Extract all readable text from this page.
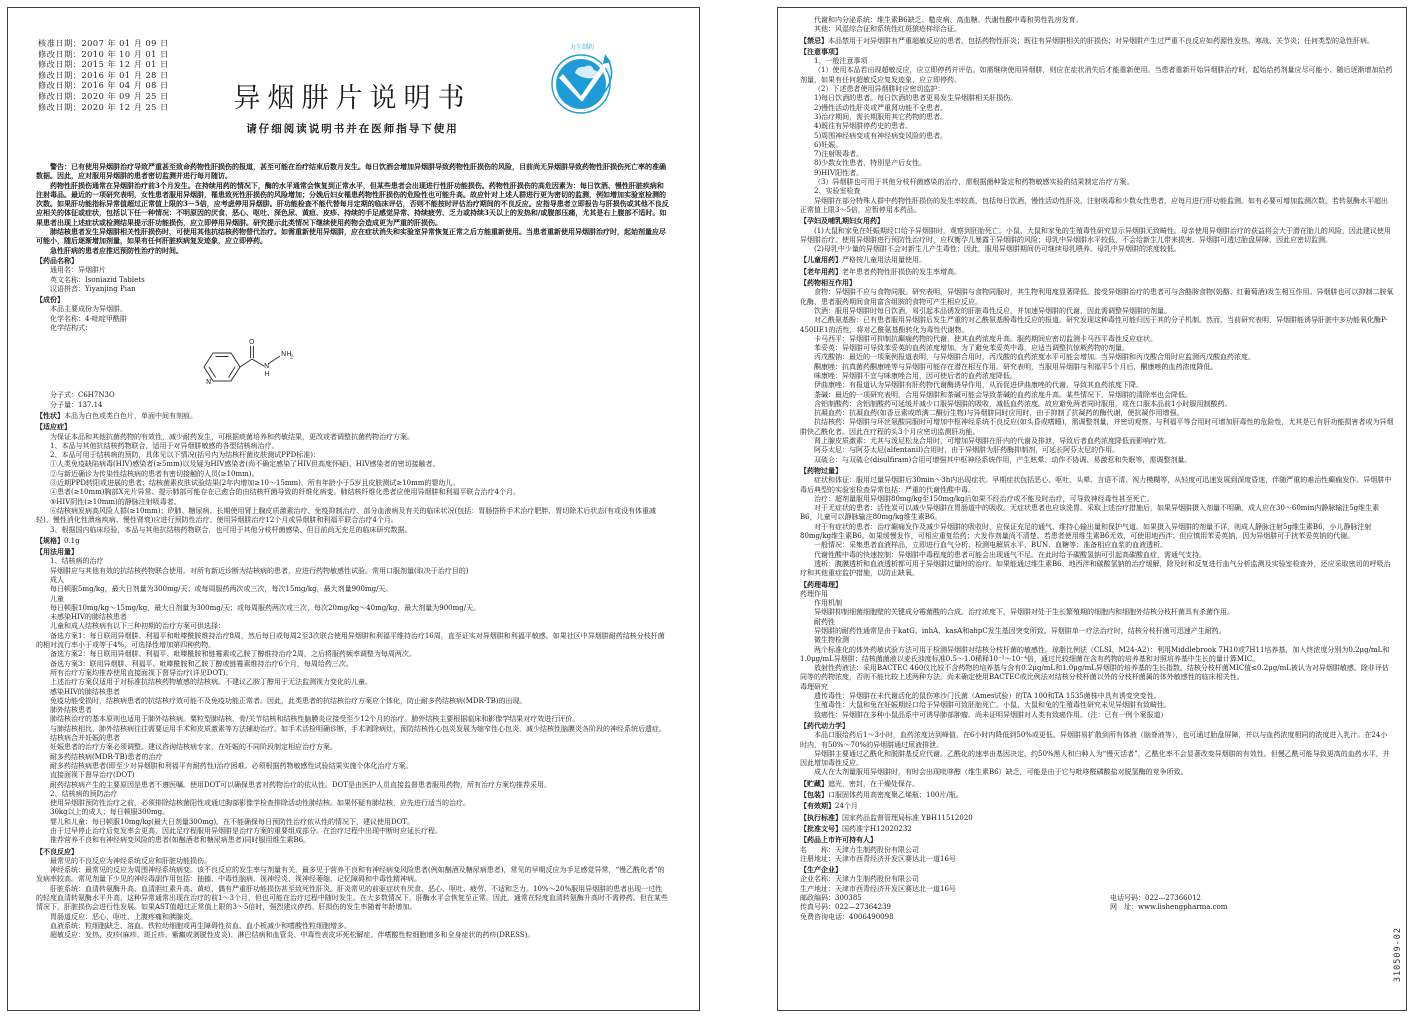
核准日期：2007 年 01 月 09 日
修改日期：2010 年 10 月 01 日
修改日期：2015 年 12 月 01 日
修改日期：2016 年 01 月 28 日
修改日期：2016 年 04 月 08 日
修改日期：2020 年 09 月 25 日
修改日期：2020 年 12 月 25 日
力生制药
异烟肼片说明书
请仔细阅读说明书并在医师指导下使用
警告：已有使用异烟肼治疗导致严重甚至致命药物性肝损伤的报道，甚至可能在治疗结束后数月发生。每日饮酒会增加异烟肼导致药物性肝损伤的风险，目前尚无异烟肼导致药物性肝损伤死亡率的准确数据。因此，应对服用异烟肼的患者密切监测并进行每月随访。
药物性肝损伤通常在异烟肼治疗前3个月发生。在持续用药的情况下，酶的水平通常会恢复到正常水平，但某些患者会出现进行性肝功能损伤。药物性肝损伤的高危因素为：每日饮酒、慢性肝脏疾病和注射毒品。最近的一项研究表明，女性患者服用异烟肼，罹患致死性肝损伤的风险增加；分娩后妇女罹患药物性肝损伤的危险性也可能升高。故应针对上述人群进行更为密切的监测，例如增加实验室检测的次数。如果肝功能指标异常值超过正常值上限的3－5倍，应考虑停用异烟肼。肝功能检查不能代替每月定期的临床评估，否则不能按时评估治疗期间的不良反应。应指导患者立即报告与肝损伤或其他不良反应相关的体征或症状，包括以下任一种情况：不明原因的厌食、恶心、呕吐、深色尿、黄疸、皮疹、持续的手足感觉异常、持续疲劳、乏力或持续3天以上的发热和/或腹部压痛，尤其是右上腹部不适时。如果患者出现上述症状或检测结果提示肝功能损伤，应立即停用异烟肼。研究提示此类情况下继续使用药物会造成更为严重的肝损伤。
肺结核患者发生异烟肼相关性肝损伤时，可使用其他抗结核药物替代治疗。如需重新使用异烟肼，应在症状消失和实验室异常恢复正常之后方能重新使用。当患者重新使用异烟肼治疗时，起始剂量应尽可能小，随后逐渐增加剂量，如果有任何肝脏疾病复发迹象，应立即停药。
急性肝病的患者应推迟预防性治疗的时间。
【药品名称】
通用名：异烟肼片
英文名称：Isoniazid Tablets
汉语拼音：Yiyanjing Pian
【成份】
本品主要成份为异烟肼。
化学名称：4-吡啶甲酰肼
化学结构式：
N
O
N
H
NH
2
分子式：C6H7N3O
分子量：137.14
【性状】本品为白色或类白色片，单面中间有刻痕。
【适应症】
为保证本品和其他抗菌药物的有效性，减少耐药发生，可根据痰菌培养和药敏结果，更改或者调整抗菌药物治疗方案。
1、本品与其他抗结核药物联合，适用于对异烟肼敏感的各型结核病治疗。
2、本品可用于结核病的预防，具体见以下情况(括号内为结核杆菌皮肤测试PPD标准)：
①人类免疫缺陷病毒(HIV)感染者(≥5mm)以及疑为HIV感染者(尚不确定感染了HIV但高度怀疑)、HIV感染者的密切接触者。
②与新近确诊为传染性结核病的患者有密切接触的人员(≥10mm)。
③近期PPD转阳或进展的患者；结核菌素皮肤试验结果(2年内增加≥10～15mm)，所有年龄小于5岁且皮肤测试≥10mm的婴幼儿。
④患者(≥10mm)胸部X光片异常、提示肺部可能存在已愈合的由结核杆菌导致的纤维化病变。肺结核纤维化患者应使用异烟肼和利福平联合治疗4个月。
⑤HIV阴性(≥10mm)的静脉注射吸毒者。
⑥结核病发病高风险人群(≥10mm)；矽肺、糖尿病、长期使用肾上腺皮质激素治疗、免疫抑制治疗、部分血液病及有关的临床状况(包括：胃肠搭桥手术治疗肥胖、胃切除术后状态(有或没有体重减轻)、慢性消化性溃疡疾病、慢性肾衰)应进行预防性治疗、使用异烟肼治疗12个月或异烟肼和利福平联合治疗4个月。
3、根据国内临床经验，本品与其他抗结核药物联合，也可用于其他分枝杆菌感染、但目前尚无充足的临床研究数据。
【规格】0.1g
【用法用量】
1、结核病的治疗
异烟肼应与其他有效的抗结核药物联合使用。对所有新近诊断为结核病的患者，应进行药物敏感性试验。常用口服剂量(取决于治疗目的)
成人
每日顿服5mg/kg，最大日剂量为300mg/天；或每周服药两次或三次，每次15mg/kg，最大剂量900mg/天。
儿童
每日顿服10mg/kg～15mg/kg，最大日剂量为300mg/天；或每周服药两次或三次，每次20mg/kg～40mg/kg，最大剂量为900mg/天。
未感染HIV的肺结核患者
儿童和成人结核病有以下三种初期的治疗方案可供选择：
备选方案1：每日联用异烟肼、利福平和吡嗪酰胺维持治疗8周，然后每日或每周2至3次联合使用异烟肼和利福平维持治疗16周，直至证实对异烟肼和利福平敏感。如果社区中异烟肼耐药结核分枝杆菌的相对流行率小于或等于4%，可选择性增加第四种药物。
备选方案2：每日联用异烟肼、利福平、吡嗪酰胺和链霉素或乙胺丁醇维持治疗2周，之后将服药频率调整为每周两次。
备选方案3：联用异烟肼、利福平、吡嗪酰胺和乙胺丁醇或链霉素维持治疗6个月，每周给药三次。
所有治疗方案均推荐使用直接面视下督导治疗(详见DOT)。
上述治疗方案仅适用于对标准抗结核药物敏感的结核病。不建议乙胺丁醇用于无法监测视力变化的儿童。
感染HIV的肺结核患者
免疫功能受损时，结核病患者的抗结核疗效可能不及免疫功能正常者。因此，此类患者的抗结核治疗方案应个体化，防止耐多药结核病(MDR-TB)的出现。
肺外结核患者
肺结核治疗的基本原则也适用于肺外结核病。粟粒型肺结核、骨/关节结核和结核性脑膜炎应接受至少12个月的治疗。肺外结核主要根据临床和影像学结果对疗效进行评价。
与肺结核相比，肺外结核病往往需要运用手术和皮质激素等方法辅助治疗。如手术活检明确诊断、手术剥除病灶、预防结核性心包炎发展为缩窄性心包炎，减少结核性脑膜炎各阶段的神经系统后遗症。
结核病合并妊娠的患者
妊娠患者的治疗方案必须调整。建议咨询结核病专家，在妊娠的不同阶段制定相应治疗方案。
耐多药结核病(MDR-TB)患者的治疗
耐多药结核病患者(即至少对异烟肼和利福平有耐药性)治疗困难。必须根据药物敏感性试验结果实施个体化治疗方案。
直接面视下督导治疗(DOT)
耐药结核病产生的主要原因是患者不遵医嘱。使用DOT可以确保患者对药物治疗的依从性。DOT是由医护人员直接监督患者服用药物，所有治疗方案均推荐采用。
2、结核病的预防治疗
使用异烟肼预防性治疗之前，必须排除结核菌阳性或通过胸部影像学检查排除活动性肺结核。如果怀疑有肺结核，应先进行适当的治疗。
30kg以上的成人；每日顿服300mg。
婴儿和儿童：每日顿服10mg/kg(最大日剂量300mg)。在不能确保每日预防性治疗依从性的情况下，建议使用DOT。
由于过早停止治疗后复发率会更高，因此足疗程服用异烟肼是治疗方案的重要组成部分。在治疗过程中出现中断时应延长疗程。
推荐营养不良和有神经病变风险的患者(如酗酒者和糖尿病患者)同时服用维生素B6。
【不良反应】
最常见的不良反应为神经系统反应和肝脏功能损伤。
神经系统：最常见的反应为周围神经系统病变。该不良反应的发生率与剂量有关，最多见于营养不良和有神经病变风险患者(例如酗酒及糖尿病患者)，常见的早期反应为手足感觉异常，“慢乙酰化者”的发病率较高。常见剂量下少见的神经毒副作用包括：抽搐、中毒性脑病、视神经炎、视神经萎缩、记忆障碍和中毒性精神病。
肝脏系统：血清转氨酶升高、血清胆红素升高、黄疸、偶有严重肝功能损伤甚至致死性肝炎。肝炎常见的前驱症状有厌食、恶心、呕吐、疲劳、不适和乏力。10%～20%服用异烟肼的患者出现一过性的轻度血清转氨酶水平升高，这种异常通常出现在治疗的前1～3个月，但也可能在治疗过程中随时发生。在大多数情况下，肝酶水平会恢复至正常。因此，通常在轻度血清转氨酶升高时不需停药。但在某些情况下，肝脏损伤会进行性发展。如果AST值超过正常值上限的3～5倍时，强烈建议停药。肝损伤的发生率随着年龄增加。
胃肠道反应：恶心、呕吐、上腹疼痛和胰腺炎。
血液系统：粒细胞缺乏、溶血、铁粒幼细胞或再生障碍性贫血、血小板减少和嗜酸性粒细胞增多。
超敏反应：发热、皮疹(麻疹、斑丘疹、紫癜或剥脱性皮炎)、淋巴结病和血管炎、中毒性表皮坏死松解症、伴嗜酸性粒细胞增多和全身症状的药疹(DRESS)。
代谢和内分泌系统：维生素B6缺乏、糙皮病、高血糖、代谢性酸中毒和男性乳房发育。
其他：风湿综合征和系统性红斑狼疮样综合征。
【禁忌】本品禁用于对异烟肼有严重超敏反应的患者，包括药物性肝炎；既往有异烟肼相关的肝损伤；对异烟肼产生过严重不良反应如药源性发热、寒战、关节炎；任何类型的急性肝病。
【注意事项】
1、一般注意事项
（1）使用本品若出现超敏反应，应立即停药并评估。如需继续使用异烟肼，则应在症状消失后才能重新使用。当患者重新开始异烟肼治疗时，起始给药剂量应尽可能小、随后逐渐增加给药剂量，如果有任何超敏反应复发迹象，应立即停药。
（2）下述患者使用异烟肼时应密切监护：
1)每日饮酒的患者。每日饮酒的患者更易发生异烟肼相关肝损伤。
2)慢性活动性肝炎或严重肾功能不全患者。
3)治疗期间，需长期服用其它药物的患者。
4)既往有异烟肼停药史的患者。
5)周围神经病变或有神经病变风险的患者。
6)妊娠。
7)注射吸毒者。
8)少数女性患者，特别是产后女性。
9)HIV阳性者。
（3）异烟肼也可用于其他分枝杆菌感染的治疗，需根据菌种鉴定和药物敏感实验的结果制定治疗方案。
2、实验室检查
异烟肼在部分特殊人群中药物性肝损伤的发生率较高，包括每日饮酒、慢性活动性肝炎、注射吸毒和少数女性患者，应每月进行肝功能监测。如有必要可增加监测次数。若转氨酶水平超出正常值上限3～5倍，应暂停用本药品。
【孕妇及哺乳期妇女用药】
(1)大鼠和家兔在妊娠期经口给予异烟肼时，观察到胚胎死亡。小鼠、大鼠和家兔的生殖毒性研究显示异烟肼无致畸性。母亲使用异烟肼治疗的获益将会大于潜在胎儿的风险，因此建议使用异烟肼治疗。使用异烟肼进行预防性治疗时，应权衡孕儿暴露于异烟肼的风险；母乳中异烟肼水平较低，不会给新生儿带来损害。异烟肼可透过胎盘屏障，因此应密切监测。
(2)母乳中少量的异烟肼不会对新生儿产生毒性；因此，服用异烟肼期间仍可继续母乳喂养。母乳中异烟肼的浓度较低。
【儿童用药】严格按儿童用法用量使用。
【老年用药】老年患者药物性肝损伤的发生率增高。
【药物相互作用】
食物：异烟肼不应与食物同服。研究表明，异烟肼与食物同服时，其生物利用度显著降低。接受异烟肼治疗的患者可与含酪胺食物(奶酪、红葡萄酒)发生相互作用。异烟肼也可以抑制二胺氧化酶，患者服药期间食用富含组胺的食物可产生相应反应。
饮酒：服用异烟肼时每日饮酒，易引起本品诱发的肝脏毒性反应，并加速异烟肼的代谢，因此需调整异烟肼的剂量。
对乙酰氨基酚：已有患者服用异烟肼后发生严重的对乙酰氨基酚毒性反应的报道。研究发现这种毒性可能归因于其的分子机制。然而，当前研究表明，异烟肼能诱导肝脏中多功能氧化酶P-450IIE1的活性，将对乙酰氨基酚转化为毒性代谢物。
卡马西平：异烟肼可抑制抗癫痫药物的代谢，使其血药浓度升高。服药期间应密切监测卡马西平毒性反应症状。
苯妥英：异烟肼可导致苯妥英的血药浓度增加。为了避免苯妥英中毒，应适当调整抗惊厥药物的剂量。
丙戊酸钠：最近的一项案例报道表明，与异烟肼合用时，丙戊酸的血药浓度水平可能会增加。当异烟肼和丙戊酸合用时应监测丙戊酸血药浓度。
酮康唑：抗真菌药酮康唑等与异烟肼可能存在潜在相互作用。研究表明，当服用异烟肼与利福平5个月后，酮康唑的血药浓度降低。
咪康唑：异烟肼不宜与咪康唑合用，因可使后者的血药浓度降低。
伊曲康唑：有报道认为异烟肼有肝药物代谢酶诱导作用，从而促进伊曲康唑的代谢，导致其血药浓度下降。
茶碱：最近的一项研究表明，合用异烟肼和茶碱可能会导致茶碱的血药浓度升高。某些情况下，异烟肼的清除率也会降低。
含铝制酸药：含铝制酸药可延缓并减少口服异烟肼的吸收，减低血药浓度。故应避免两者同时服用，或在口服本品前1小时服用制酸药。
抗凝血药：抗凝血药(如香豆素或茚满二酮衍生物)与异烟肼同时应用时，由于抑制了抗凝药的酶代谢，使抗凝作用增强。
抗结核药：异烟肼与环丝氨酸同服时可增加中枢神经系统不良反应(如头昏或嗜睡)，需调整剂量，并密切观察。与利福平等合用时可增加肝毒性的危险性，尤其是已有肝功能损害者或为异烟肼快乙酰化者。因此在疗程的头3个月应密切监测肝功能。
肾上腺皮质激素：尤其与泼尼松龙合用时，可增加异烟肼在肝内的代谢及排泄，导致后者血药浓度降低而影响疗效。
阿芬太尼：与阿芬太尼(alfentanil)合用时，由于异烟肼为肝药酶抑制剂，可延长阿芬太尼的作用。
双硫仑：与双硫仑(disulfiram)合用可增强其中枢神经系统作用，产生眩晕、动作不协调、易激惹和失眠等，需调整剂量。
【药物过量】
症状和体征：服用过量异烟肼后30min～3h内出现症状。早期症状包括恶心、呕吐、头晕、言语不清、视力模糊等，从轻度可迅速发展到深度昏迷，伴随严重的难治性癫痫发作。异烟肼中毒后典型的实验室检查异常包括：严重的代谢性酸中毒。
治疗：超剂量服用异烟肼80mg/kg至150mg/kg后如果不经治疗或不能及时治疗，可导致神经毒性甚至死亡。
对于无症状的患者：活性炭可以减少异烟肼在胃肠道中的吸收。无症状患者也应该洗胃。采取上述治疗措施后，如果异烟肼摄入剂量不明确，成人应在30～60min内静脉输注5g维生素B6，儿童可以静脉输注80mg/kg维生素B6。
对于有症状的患者：治疗癫痫发作及减少异烟肼的吸收时，应保证充足的通气、维持心输出量和保护气道。如果摄入异烟肼的剂量不详，则成人静脉注射5g维生素B6，小儿静脉注射80mg/kg维生素B6。如果缓慢发作，可相应重复给药；大发作剂量尚不清楚。若患者使用维生素B6无效，可使用地西泮；但应慎用苯妥英钠，因为异烟肼可干扰苯妥英钠的代谢。
一般情况：采集患者血液样品，立即进行血气分析、检测电解质水平、BUN、血糖等；准备相应血浆的血液透析。
代谢性酸中毒的快速控制：异烟肼中毒程度的患者可能会出现通气不足。在此时给予碳酸氢钠可引起高碳酸血症，需通气支持。
透析：腹膜透析和血液透析都可用于异烟肼过量时的治疗。如果能通过维生素B6、地西泮和碳酸氢钠的治疗缓解，除及时和反复进行血气分析监测及实验室检查外，还应采取密切的呼吸治疗和其他重症监护措施，以防止缺氧。
【药理毒理】
药理作用
作用机制
异烟肼抑制细菌细胞壁的关键成分霉菌酸的合成。治疗浓度下，异烟肼对处于生长繁殖期的细胞内和细胞外结核分枝杆菌具有杀菌作用。
耐药性
异烟肼的耐药性通常是由于katG、inhA、kasA和ahpC发生基因突变所致。异烟肼单一疗法治疗时，结核分枝杆菌可迅速产生耐药。
微生物检测
两个标准化的体外药敏试验方法可用于检测异烟肼对结核分枝杆菌的敏感性。琼脂比例法（CLSI，M24-A2）：利用Middlebrook 7H10或7H11培养基，加入终浓度分别为0.2μg/mL和1.0μg/mL异烟肼；结核菌菌液以麦氏浊度标准0.5～1.0稀释10⁻²～10⁻⁴倍，通过比较细菌在含有药物的培养基和对照培养基中生长的量计算MIC。
放射性药液法：采用BACTEC 460仪比较不含药物的培养基与含有0.2μg/mL和1.0μg/mL异烟肼的培养基的生长指数。结核分枝杆菌MIC值≤0.2μg/mL被认为对异烟肼敏感。除非评估同等的药物浓度，否则不能比较上述两种方法。尚未确定使用BACTEC或比例法对结核分枝杆菌以外的分枝杆菌属的体外敏感性的临床相关性。
毒理研究
遗传毒性：异烟肼在未代谢活化的鼠伤寒沙门氏菌（Ames试验）的TA 100和TA 1535菌株中具有诱变突变性。
生殖毒性：大鼠和兔在妊娠期经口给予异烟肼可致胚胎死亡。小鼠、大鼠和兔的生殖毒性研究未见异烟肼有致畸性。
致癌性：异烟肼在多种小鼠品系中可诱导肺部肿瘤。尚未证明异烟肼对人类有致癌作用。（注：已有一例个案报道）
【药代动力学】
本品口服给药后1～3小时，血药浓度达到峰值，在6小时内降低到50%或更低。异烟肼易扩散到所有体液（脑脊液等），也可通过胎盘屏障，并以与血药浓度相同的浓度进入乳汁。在24小时内，有50%～70%的异烟肼通过尿液排泄。
异烟肼主要通过乙酰化和脱肼基反应代谢。乙酰化的速率由基因决定，约50%黑人和白种人为“慢灭活者”，乙酰化率不会显著改变异烟肼的有效性。但慢乙酰可能导致更高的血药水平，并因此增加毒性反应。
成人在大剂量服用异烟肼时，有时会出现吡哆醇（维生素B6）缺乏，可能是由于它与吡哆醛磷酸盐对脱氢酶的竞争所致。
【贮藏】遮光，密封，在干燥处保存。
【包装】口服固体药用高密度聚乙烯瓶；100片/瓶。
【有效期】24个月
【执行标准】国家药品监督管理局标准 YBH11512020
【批准文号】国药准字H12020232
【药品上市许可持有人】
名　　称：天津力生制药股份有限公司
注册地址：天津市西青经济开发区赛达北一道16号
【生产企业】
企业名称：天津力生制药股份有限公司
生产地址：天津市西青经济开发区赛达北一道16号
邮政编码：300385	电话号码：022—27366012
传真号码：022—27364239	网　址：www.lishengpharma.com
免费咨询电话：4006490098
310509-02
